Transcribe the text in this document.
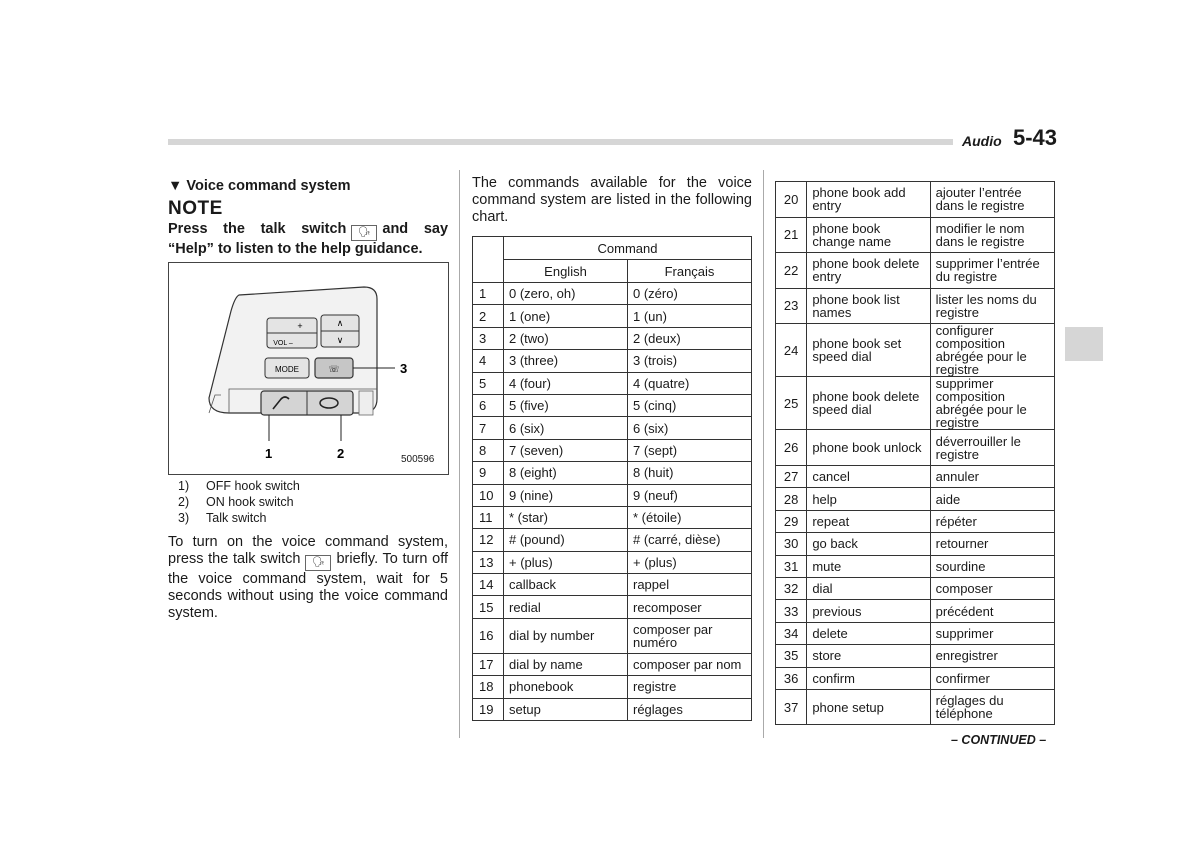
Audio 5-43
▼ Voice command system
NOTE
Press the talk switch 🗣 and say “Help” to listen to the help guidance.
+
VOL –
∧
∨
MODE	☏	3
1	2	500596
1)	OFF hook switch
2)	ON hook switch
3)	Talk switch
To turn on the voice command system, press the talk switch 🗣 briefly. To turn off the voice command system, wait for 5 seconds without using the voice command system.
The commands available for the voice command system are listed in the following chart.
	Command	
	English	Français
1	0 (zero, oh)	0 (zéro)
2	1 (one)	1 (un)
3	2 (two)	2 (deux)
4	3 (three)	3 (trois)
5	4 (four)	4 (quatre)
6	5 (five)	5 (cinq)
7	6 (six)	6 (six)
8	7 (seven)	7 (sept)
9	8 (eight)	8 (huit)
10	9 (nine)	9 (neuf)
11	* (star)	* (étoile)
12	# (pound)	# (carré, dièse)
13	+ (plus)	+ (plus)
14	callback	rappel
15	redial	recomposer
16	dial by number	composer par numéro
17	dial by name	composer par nom
18	phonebook	registre
19	setup	réglages
20	phone book add entry	ajouter l’entrée dans le registre
21	phone book change name	modifier le nom dans le registre
22	phone book delete entry	supprimer l’entrée du registre
23	phone book list names	lister les noms du registre
24	phone book set speed dial	configurer composition abrégée pour le registre
25	phone book delete speed dial	supprimer composition abrégée pour le registre
26	phone book unlock	déverrouiller le registre
27	cancel	annuler
28	help	aide
29	repeat	répéter
30	go back	retourner
31	mute	sourdine
32	dial	composer
33	previous	précédent
34	delete	supprimer
35	store	enregistrer
36	confirm	confirmer
37	phone setup	réglages du téléphone
– CONTINUED –
